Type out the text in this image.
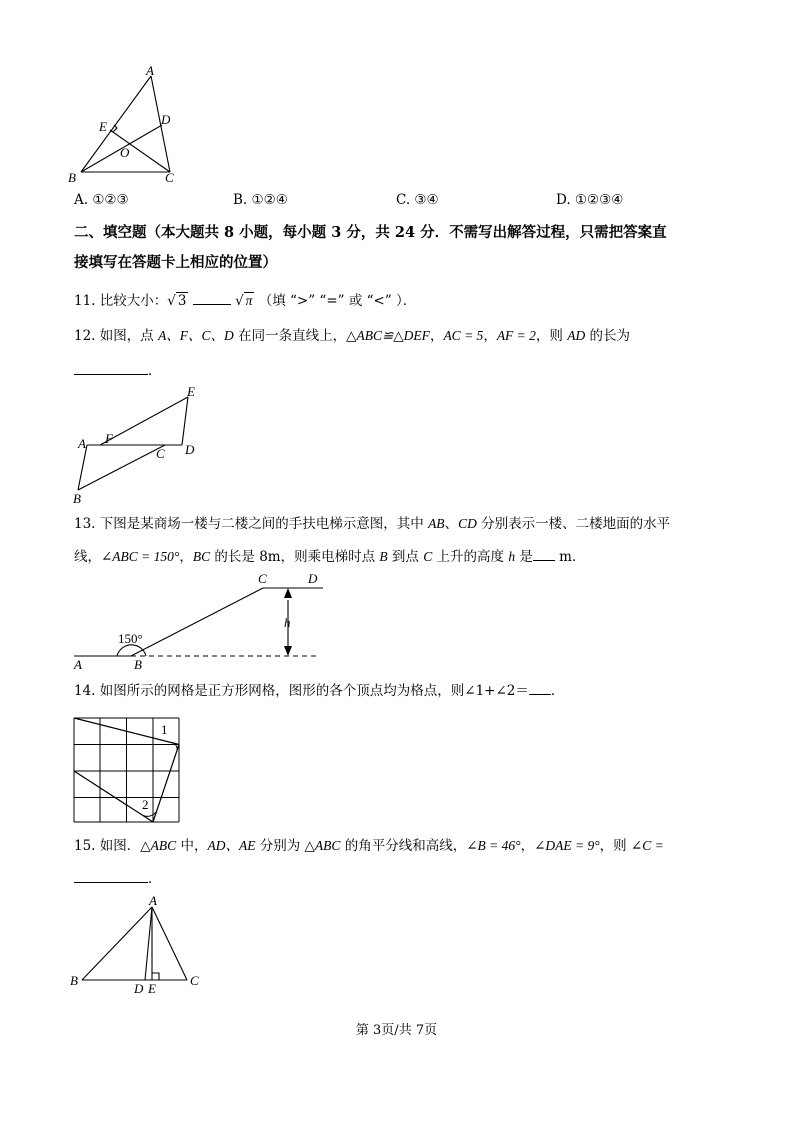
A
B	C
D
E
O
A. ①②③	B. ①②④	C. ③④	D. ①②③④
二、填空题（本大题共 8 小题，每小题 3 分，共 24 分．不需写出解答过程，只需把答案直
接填写在答题卡上相应的位置）
11. 比较大小：√ 3	√ π （填 “>” “=” 或 “<” ）．
12. 如图，点 A、F、C、D 在同一条直线上，△ABC≌△DEF，AC = 5，AF = 2，则 AD 的长为
．
A
B
C D
E
F
13. 下图是某商场一楼与二楼之间的手扶电梯示意图，其中 AB、CD 分别表示一楼、二楼地面的水平
线，∠ABC = 150°，BC 的长是 8m，则乘电梯时点 B 到点 C 上升的高度 h 是 m．
A	B
C	D
h
150°
14. 如图所示的网格是正方形网格，图形的各个顶点均为格点，则∠1+∠2＝ ．
1
2
15. 如图．△ABC 中，AD、AE 分别为 △ABC 的角平分线和高线，∠B = 46°，∠DAE = 9°，则 ∠C =
．
A
B	C
D E
第 3页/共 7页
